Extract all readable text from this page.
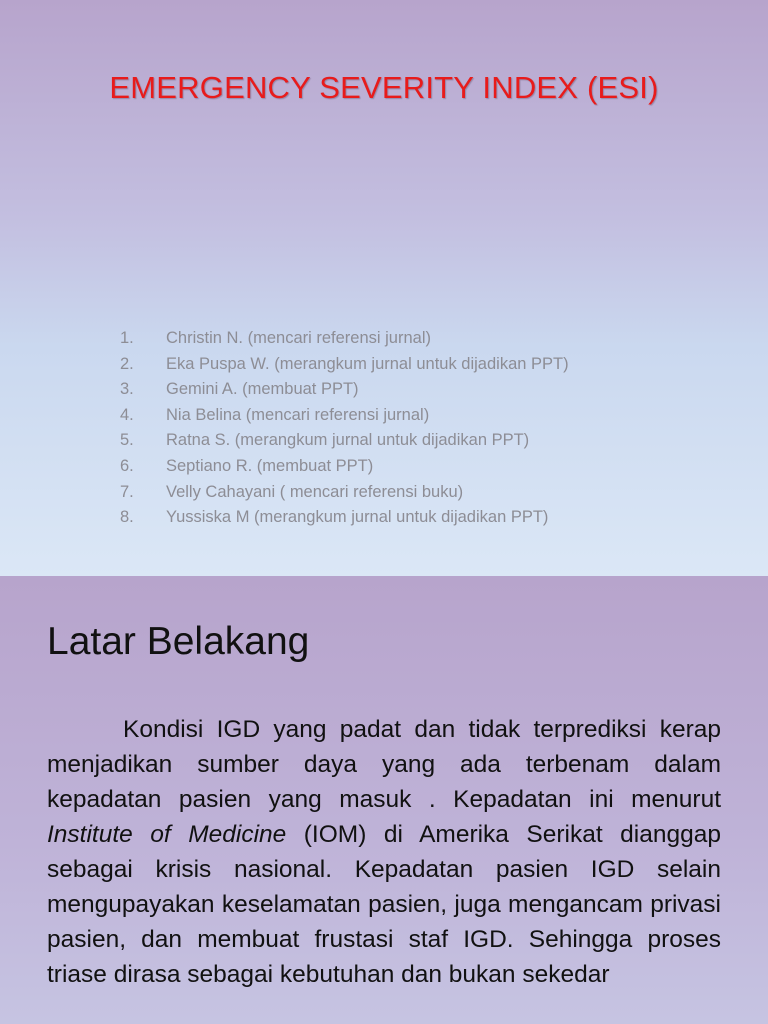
EMERGENCY SEVERITY INDEX (ESI)
1.	Christin N. (mencari referensi jurnal)
2.	Eka Puspa W. (merangkum jurnal untuk dijadikan PPT)
3.	Gemini A. (membuat PPT)
4.	Nia Belina (mencari referensi jurnal)
5.	Ratna S. (merangkum jurnal untuk dijadikan PPT)
6.	Septiano R. (membuat PPT)
7.	Velly Cahayani ( mencari referensi buku)
8.	Yussiska M (merangkum jurnal untuk dijadikan PPT)
Latar Belakang

Kondisi IGD yang padat dan tidak terprediksi kerap menjadikan sumber daya yang ada terbenam dalam kepadatan pasien yang masuk . Kepadatan ini menurut Institute of Medicine (IOM) di Amerika Serikat dianggap sebagai krisis nasional. Kepadatan pasien IGD selain mengupayakan keselamatan pasien, juga mengancam privasi pasien, dan membuat frustasi staf IGD. Sehingga proses triase dirasa sebagai kebutuhan dan bukan sekedar
